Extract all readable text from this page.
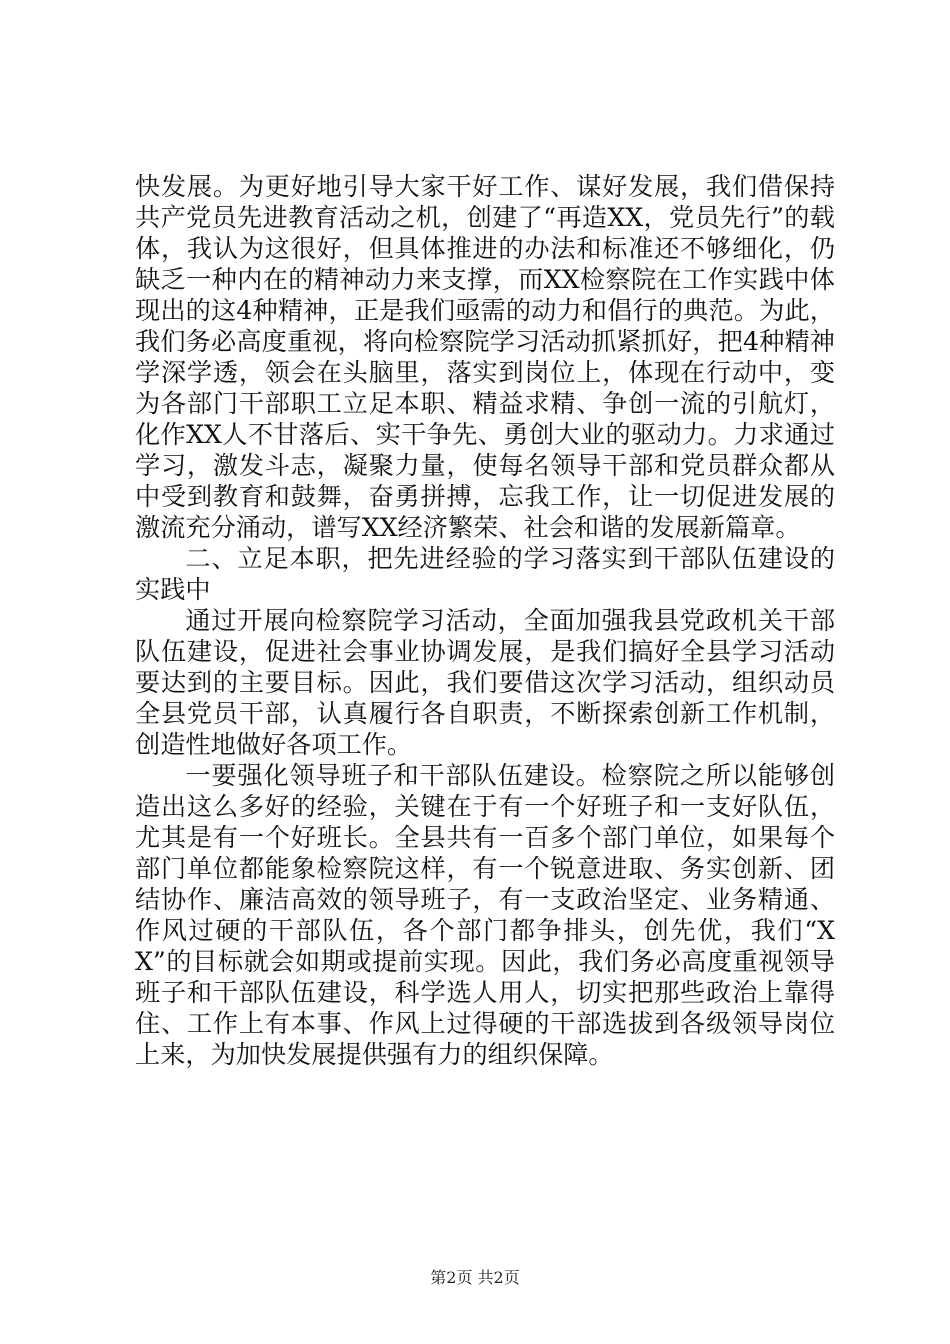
快发展。为更好地引导大家干好工作、谋好发展，我们借保持共产党员先进教育活动之机，创建了“再造XX，党员先行”的载体，我认为这很好，但具体推进的办法和标准还不够细化，仍缺乏一种内在的精神动力来支撑，而XX检察院在工作实践中体现出的这4种精神，正是我们亟需的动力和倡行的典范。为此，我们务必高度重视，将向检察院学习活动抓紧抓好，把4种精神学深学透，领会在头脑里，落实到岗位上，体现在行动中，变为各部门干部职工立足本职、精益求精、争创一流的引航灯，化作XX人不甘落后、实干争先、勇创大业的驱动力。力求通过学习，激发斗志，凝聚力量，使每名领导干部和党员群众都从中受到教育和鼓舞，奋勇拼搏，忘我工作，让一切促进发展的激流充分涌动，谱写XX经济繁荣、社会和谐的发展新篇章。

二、立足本职，把先进经验的学习落实到干部队伍建设的实践中

通过开展向检察院学习活动，全面加强我县党政机关干部队伍建设，促进社会事业协调发展，是我们搞好全县学习活动要达到的主要目标。因此，我们要借这次学习活动，组织动员全县党员干部，认真履行各自职责，不断探索创新工作机制，创造性地做好各项工作。

一要强化领导班子和干部队伍建设。检察院之所以能够创造出这么多好的经验，关键在于有一个好班子和一支好队伍，尤其是有一个好班长。全县共有一百多个部门单位，如果每个部门单位都能象检察院这样，有一个锐意进取、务实创新、团结协作、廉洁高效的领导班子，有一支政治坚定、业务精通、作风过硬的干部队伍，各个部门都争排头，创先优，我们“XX”的目标就会如期或提前实现。因此，我们务必高度重视领导班子和干部队伍建设，科学选人用人，切实把那些政治上靠得住、工作上有本事、作风上过得硬的干部选拔到各级领导岗位上来，为加快发展提供强有力的组织保障。

第2页 共2页
